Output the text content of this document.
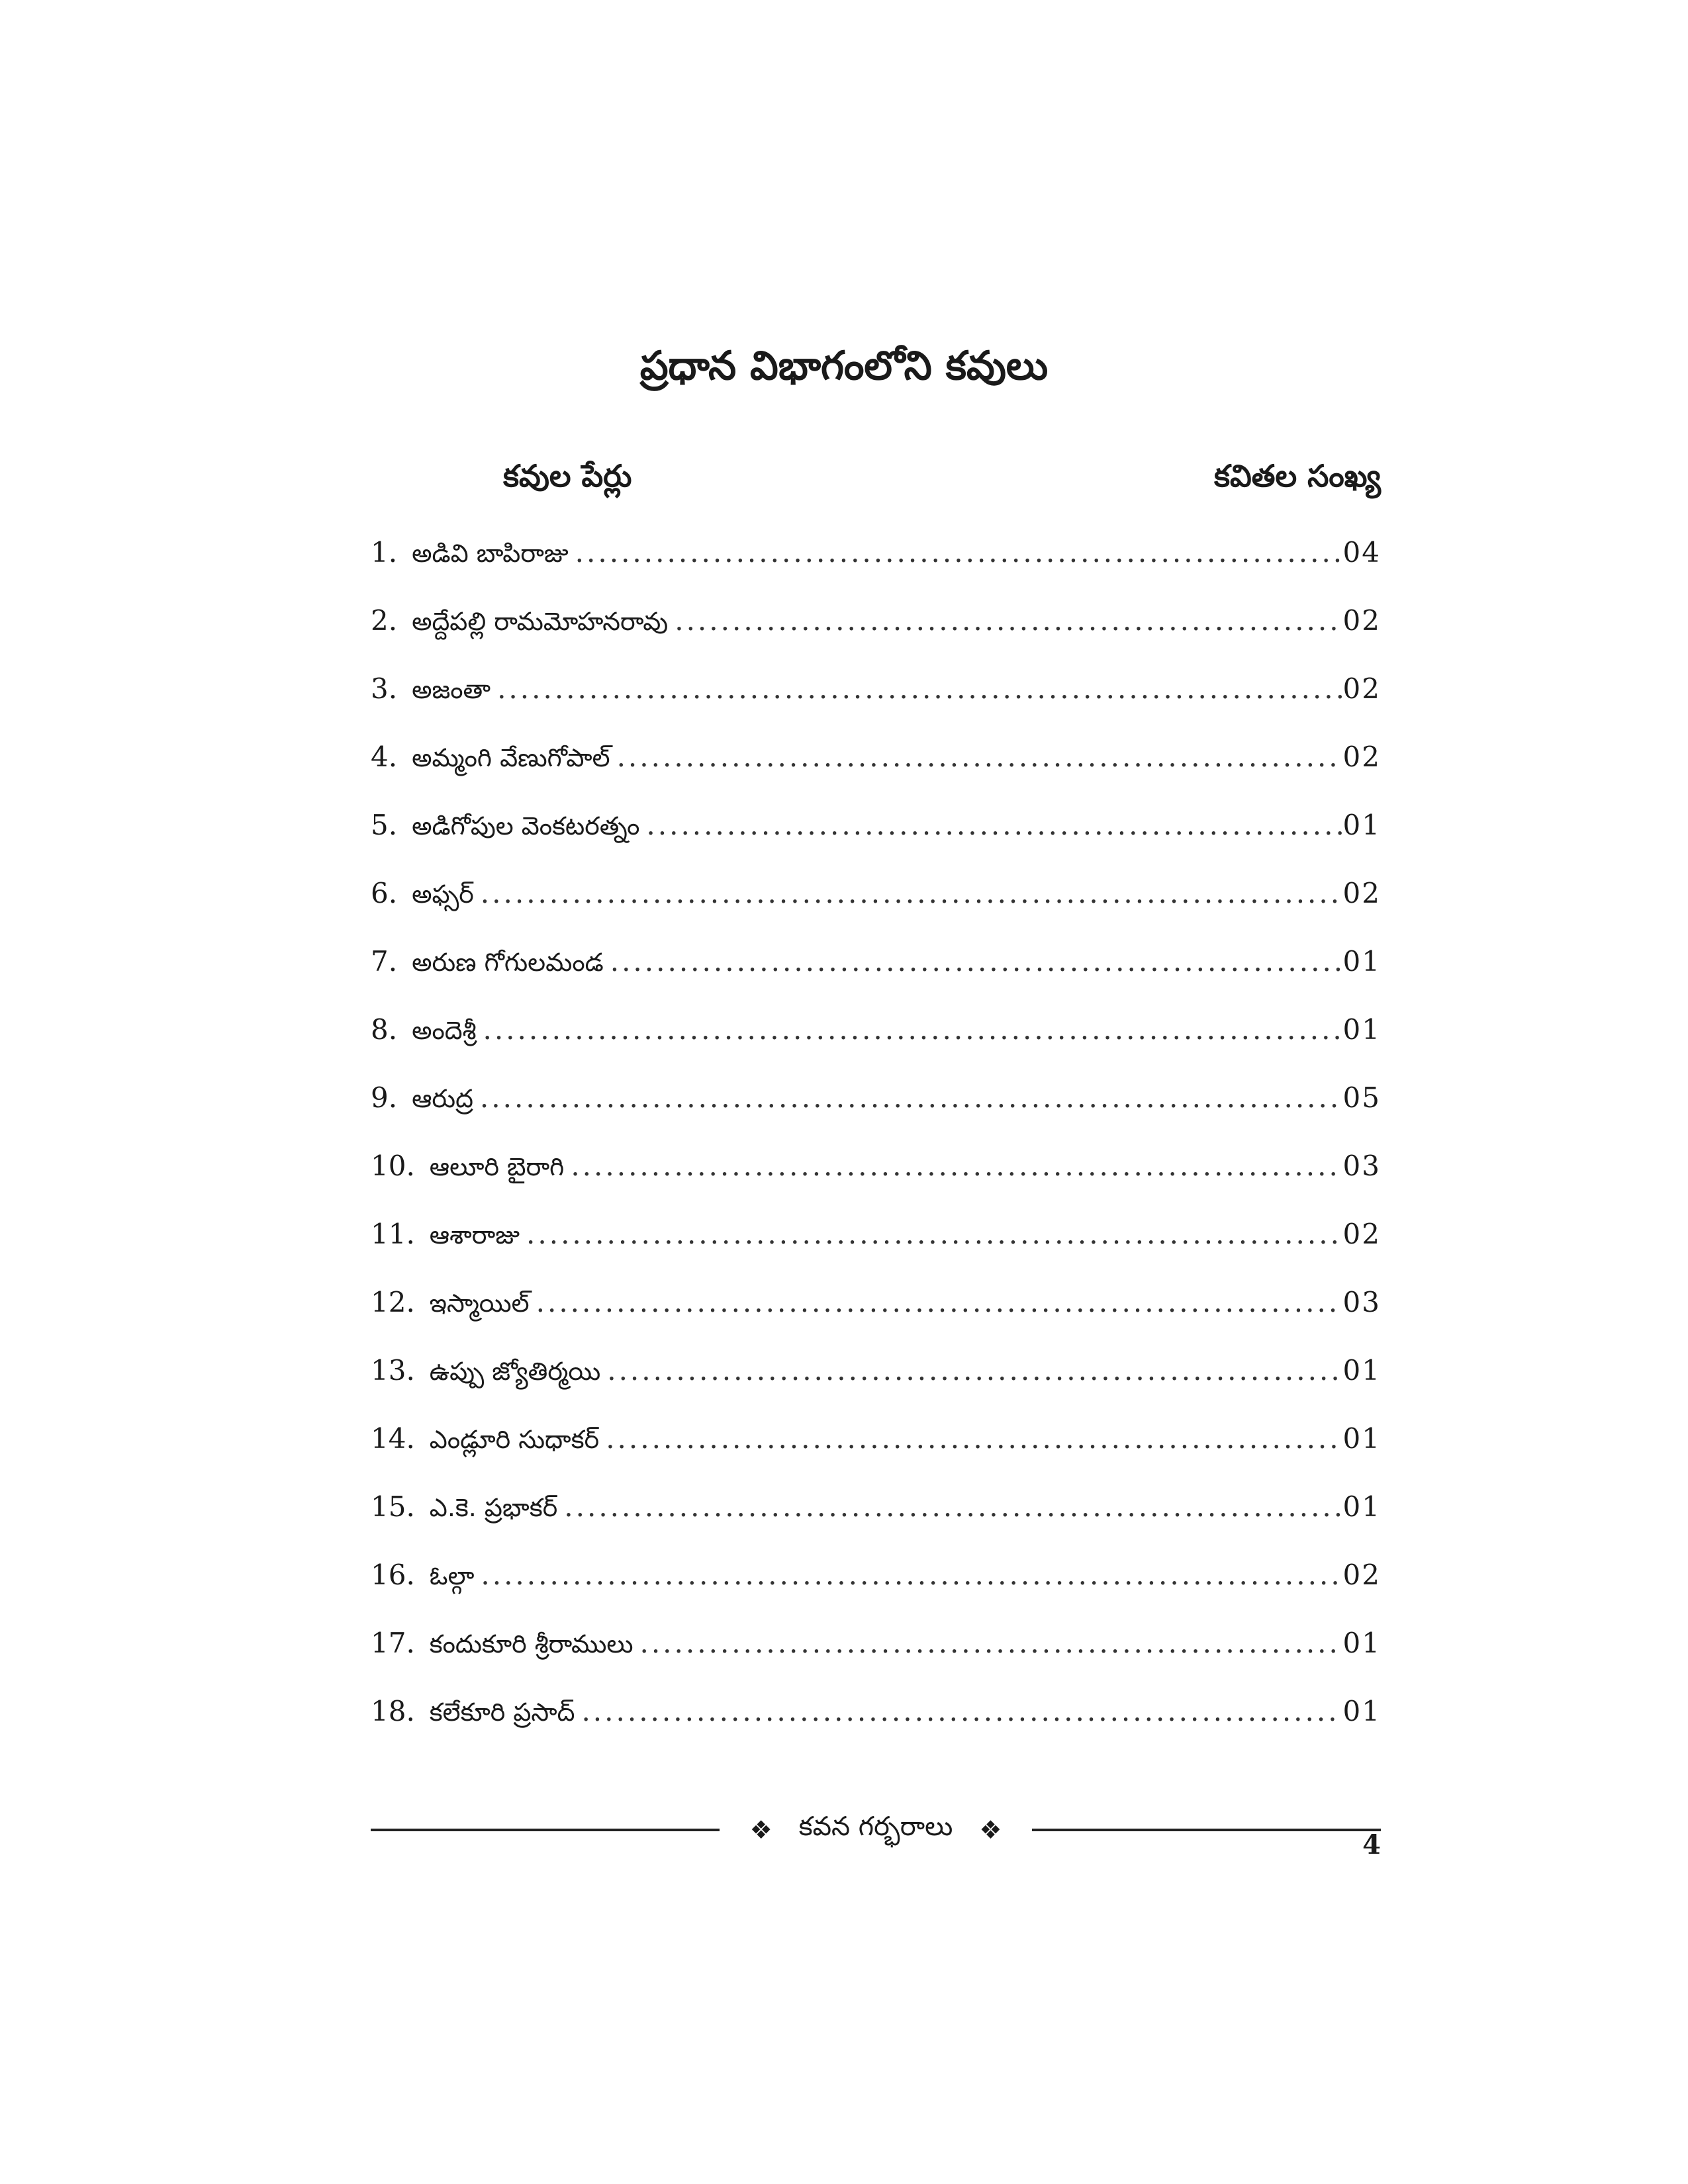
ప్రధాన విభాగంలోని కవులు
కవుల పేర్లు	కవితల సంఖ్య
1. అడివి బాపిరాజు .....	04
2. అద్దేపల్లి రామమోహనరావు .....	02
3. అజంతా .....	02
4. అమ్మంగి వేణుగోపాల్ .....	02
5. అడిగోపుల వెంకటరత్నం .....	01
6. అఫ్సర్ .....	02
7. అరుణ గోగులమండ .....	01
8. అందెశ్రీ .....	01
9. ఆరుద్ర .....	05
10. ఆలూరి బైరాగి .....	03
11. ఆశారాజు .....	02
12. ఇస్మాయిల్ .....	03
13. ఉప్పు జ్యోతిర్మయి .....	01
14. ఎండ్లూరి సుధాకర్ .....	01
15. ఎ.కె. ప్రభాకర్ .....	01
16. ఓల్గా .....	02
17. కందుకూరి శ్రీరాములు .....	01
18. కలేకూరి ప్రసాద్ .....	01
❖ కవన గర్భరాలు ❖	4
